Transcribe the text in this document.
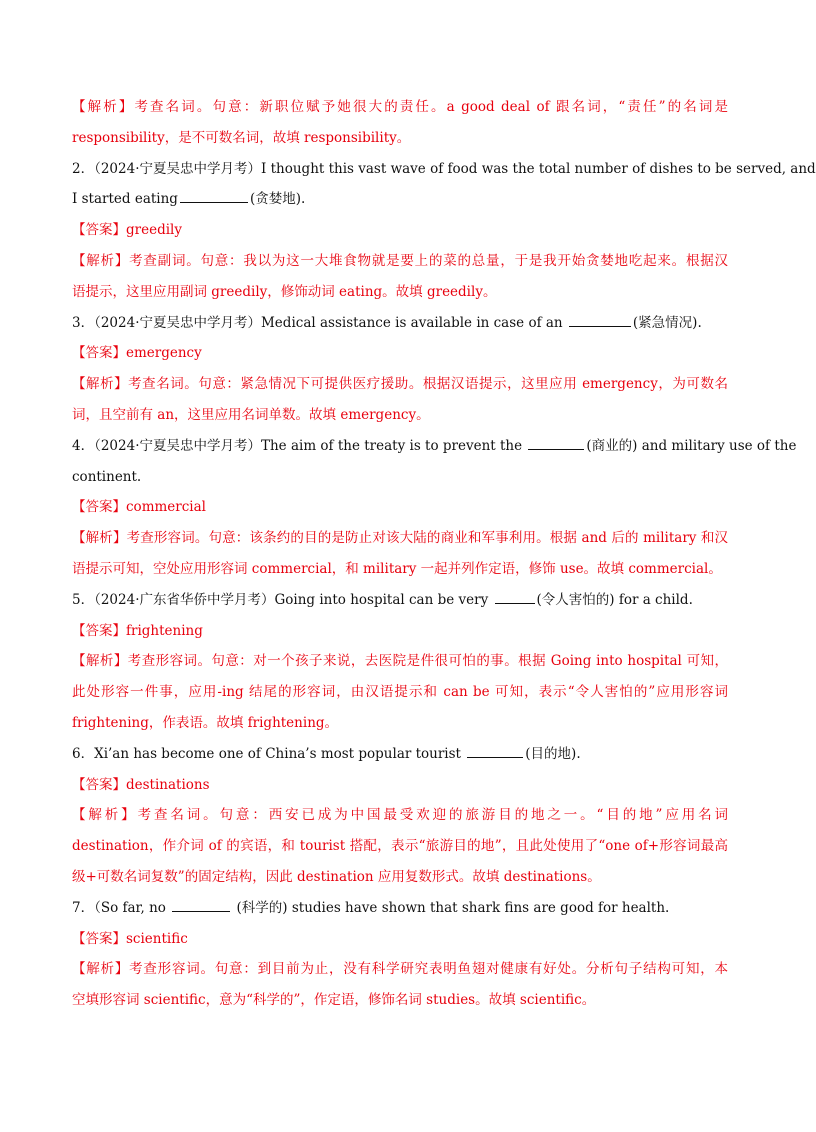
【解析】考查名词。句意：新职位赋予她很大的责任。a good deal of 跟名词，“责任”的名词是
responsibility，是不可数名词，故填 responsibility。
2．（2024·宁夏吴忠中学月考）I thought this vast wave of food was the total number of dishes to be served, and
I started eating	(贪婪地).
【答案】greedily
【解析】考查副词。句意：我以为这一大堆食物就是要上的菜的总量，于是我开始贪婪地吃起来。根据汉
语提示，这里应用副词 greedily，修饰动词 eating。故填 greedily。
3．（2024·宁夏吴忠中学月考）Medical assistance is available in case of an	(紧急情况).
【答案】emergency
【解析】考查名词。句意：紧急情况下可提供医疗援助。根据汉语提示，这里应用 emergency，为可数名
词，且空前有 an，这里应用名词单数。故填 emergency。
4．（2024·宁夏吴忠中学月考）The aim of the treaty is to prevent the	(商业的) and military use of the
continent.
【答案】commercial
【解析】考查形容词。句意：该条约的目的是防止对该大陆的商业和军事利用。根据 and 后的 military 和汉
语提示可知，空处应用形容词 commercial，和 military 一起并列作定语，修饰 use。故填 commercial。
5．（2024·广东省华侨中学月考）Going into hospital can be very	(令人害怕的) for a child.
【答案】frightening
【解析】考查形容词。句意：对一个孩子来说，去医院是件很可怕的事。根据 Going into hospital 可知，
此处形容一件事，应用-ing 结尾的形容词，由汉语提示和 can be 可知，表示“令人害怕的”应用形容词
frightening，作表语。故填 frightening。
6．Xi’an has become one of China’s most popular tourist	(目的地).
【答案】destinations
【解析】考查名词。句意：西安已成为中国最受欢迎的旅游目的地之一。“目的地”应用名词
destination，作介词 of 的宾语，和 tourist 搭配，表示“旅游目的地”，且此处使用了“one of+形容词最高
级+可数名词复数”的固定结构，因此 destination 应用复数形式。故填 destinations。
7．（So far, no	(科学的) studies have shown that shark fins are good for health.
【答案】scientific
【解析】考查形容词。句意：到目前为止，没有科学研究表明鱼翅对健康有好处。分析句子结构可知，本
空填形容词 scientific，意为“科学的”，作定语，修饰名词 studies。故填 scientific。
